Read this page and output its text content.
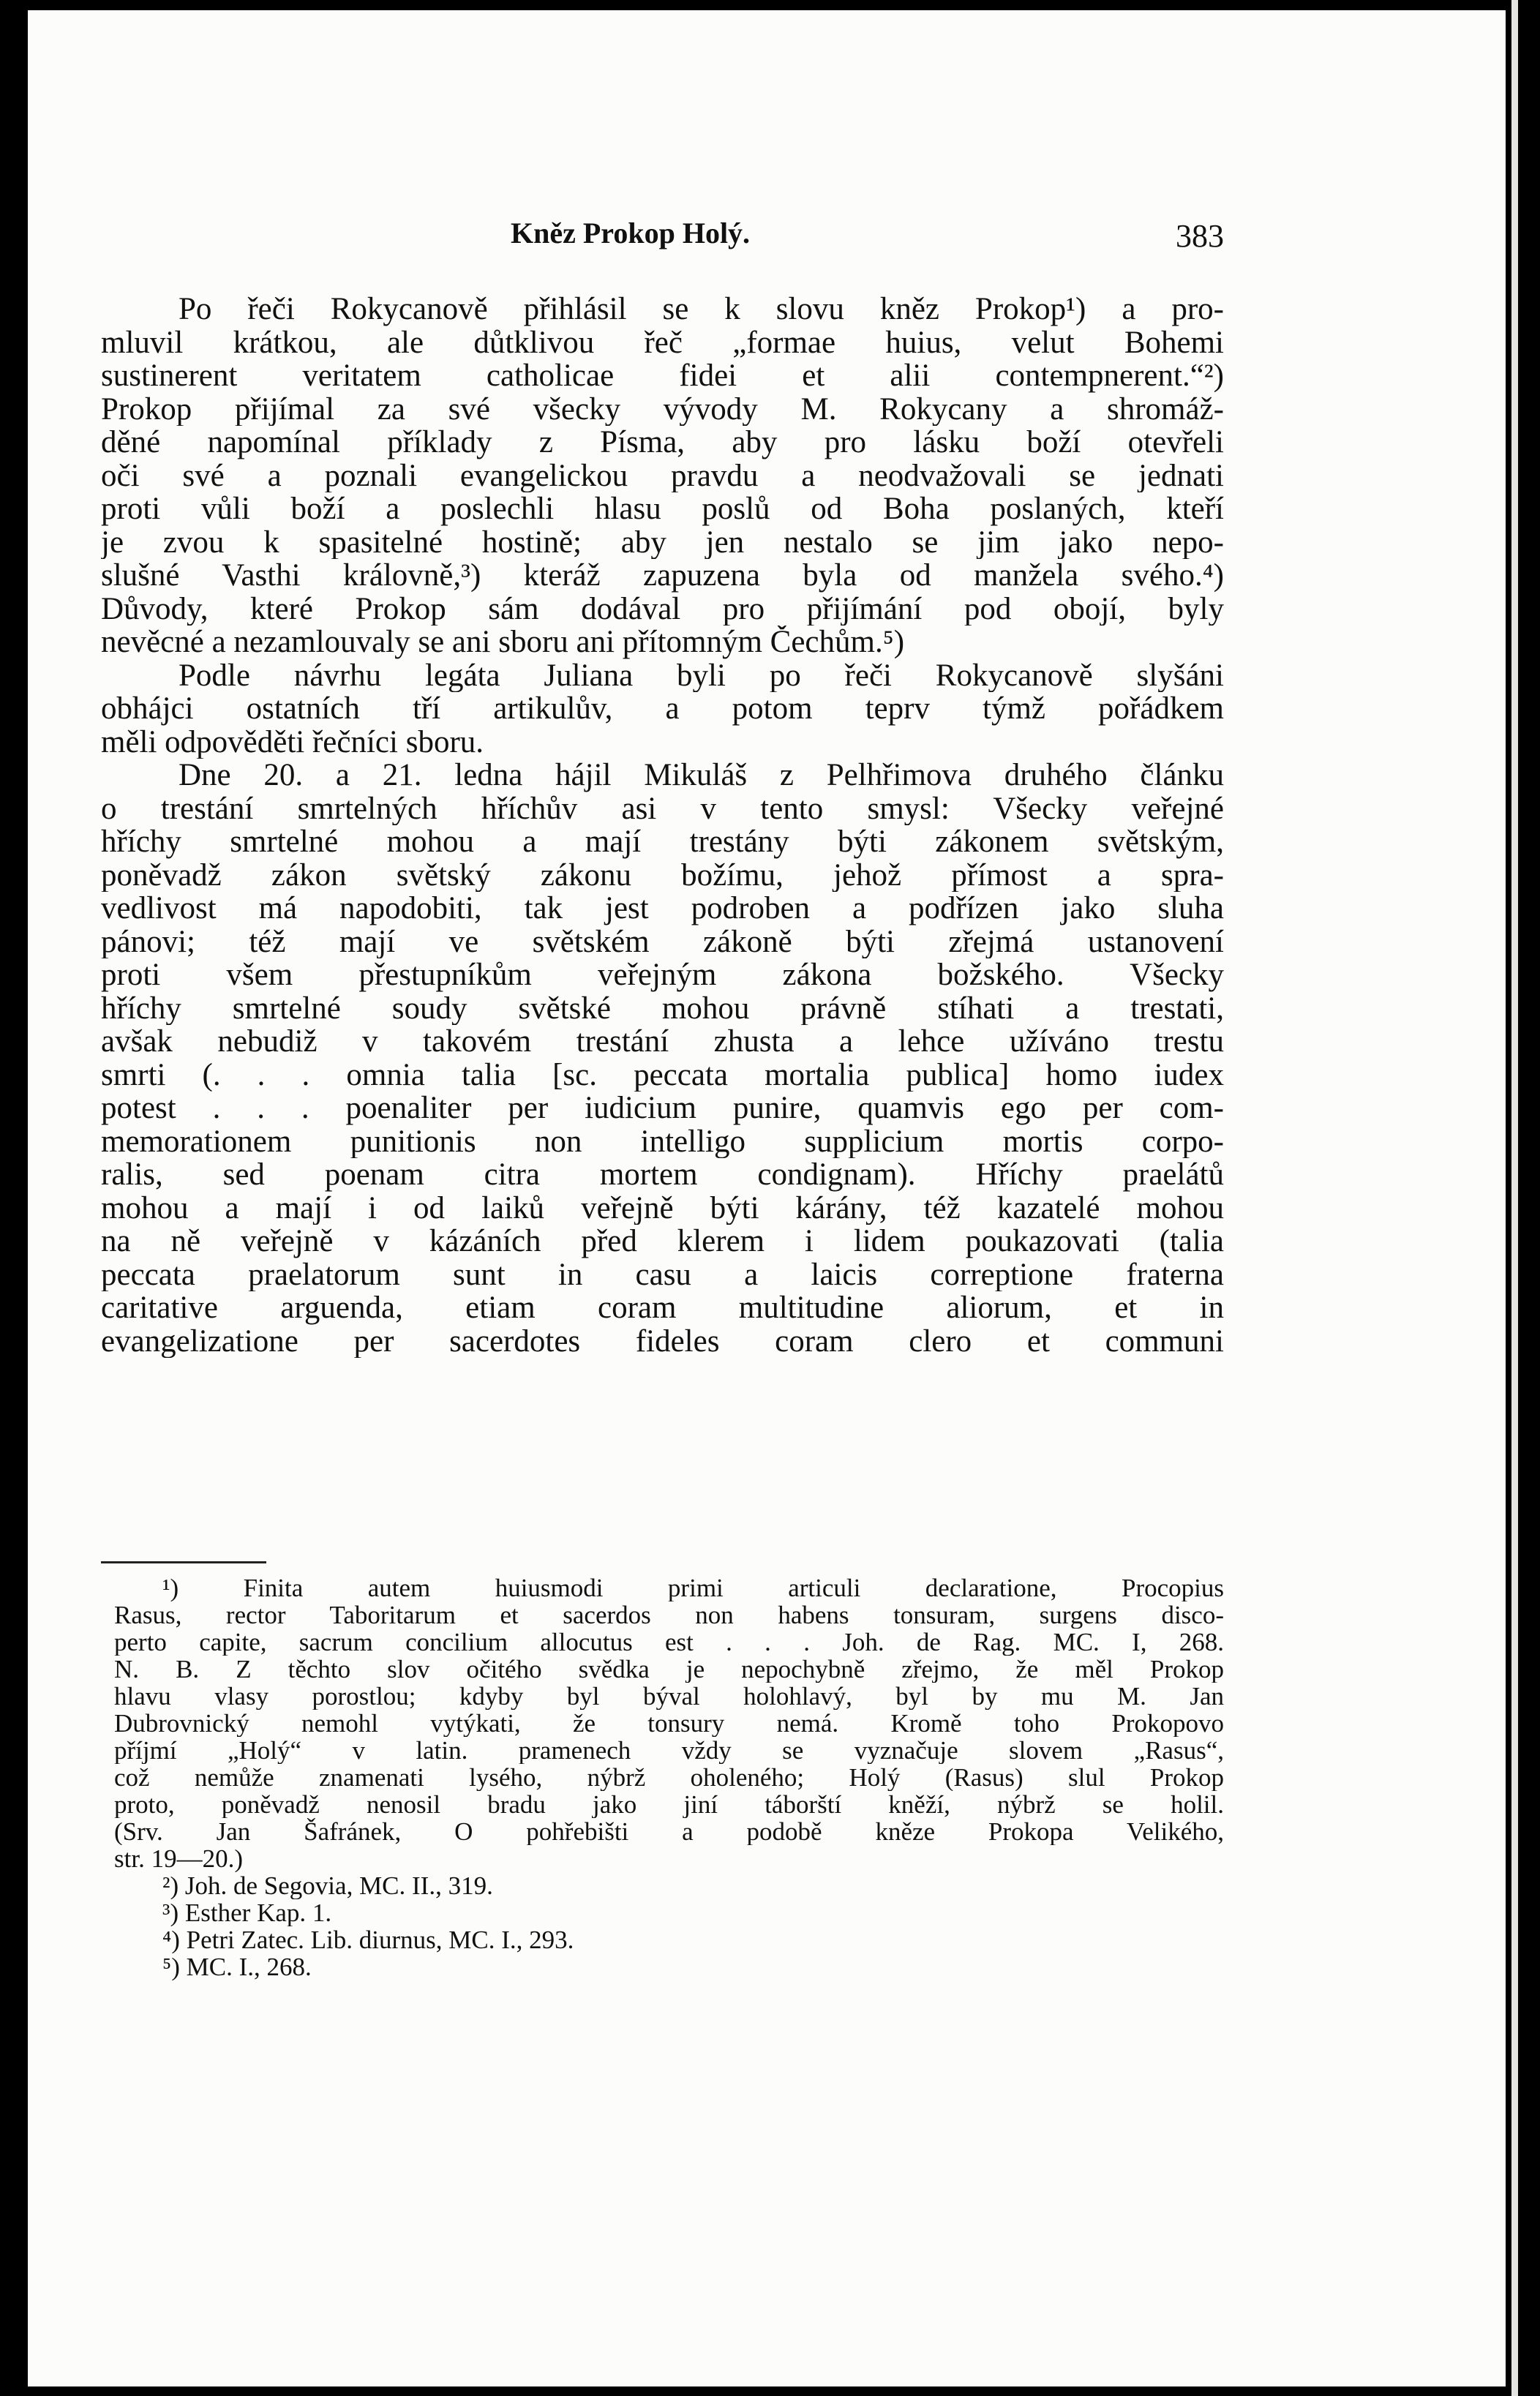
Kněz Prokop Holý.	383
Po řeči Rokycanově přihlásil se k slovu kněz Prokop¹) a pro-
mluvil krátkou, ale důtklivou řeč „formae huius, velut Bohemi
sustinerent veritatem catholicae fidei et alii contempnerent.“²)
Prokop přijímal za své všecky vývody M. Rokycany a shromáž-
děné napomínal příklady z Písma, aby pro lásku boží otevřeli
oči své a poznali evangelickou pravdu a neodvažovali se jednati
proti vůli boží a poslechli hlasu poslů od Boha poslaných, kteří
je zvou k spasitelné hostině; aby jen nestalo se jim jako nepo-
slušné Vasthi královně,³) kteráž zapuzena byla od manžela svého.⁴)
Důvody, které Prokop sám dodával pro přijímání pod obojí, byly
nevěcné a nezamlouvaly se ani sboru ani přítomným Čechům.⁵)
Podle návrhu legáta Juliana byli po řeči Rokycanově slyšáni
obhájci ostatních tří artikulův, a potom teprv týmž pořádkem
měli odpověděti řečníci sboru.
Dne 20. a 21. ledna hájil Mikuláš z Pelhřimova druhého článku
o trestání smrtelných hříchův asi v tento smysl: Všecky veřejné
hříchy smrtelné mohou a mají trestány býti zákonem světským,
poněvadž zákon světský zákonu božímu, jehož přímost a spra-
vedlivost má napodobiti, tak jest podroben a podřízen jako sluha
pánovi; též mají ve světském zákoně býti zřejmá ustanovení
proti všem přestupníkům veřejným zákona božského. Všecky
hříchy smrtelné soudy světské mohou právně stíhati a trestati,
avšak nebudiž v takovém trestání zhusta a lehce užíváno trestu
smrti (. . . omnia talia [sc. peccata mortalia publica] homo iudex
potest . . . poenaliter per iudicium punire, quamvis ego per com-
memorationem punitionis non intelligo supplicium mortis corpo-
ralis, sed poenam citra mortem condignam). Hříchy praelátů
mohou a mají i od laiků veřejně býti kárány, též kazatelé mohou
na ně veřejně v kázáních před klerem i lidem poukazovati (talia
peccata praelatorum sunt in casu a laicis correptione fraterna
caritative arguenda, etiam coram multitudine aliorum, et in
evangelizatione per sacerdotes fideles coram clero et communi
¹) Finita autem huiusmodi primi articuli declaratione, Procopius
Rasus, rector Taboritarum et sacerdos non habens tonsuram, surgens disco-
perto capite, sacrum concilium allocutus est . . . Joh. de Rag. MC. I, 268.
N. B. Z těchto slov očitého svědka je nepochybně zřejmo, že měl Prokop
hlavu vlasy porostlou; kdyby byl býval holohlavý, byl by mu M. Jan
Dubrovnický nemohl vytýkati, že tonsury nemá. Kromě toho Prokopovo
příjmí „Holý“ v latin. pramenech vždy se vyznačuje slovem „Rasus“,
což nemůže znamenati lysého, nýbrž oholeného; Holý (Rasus) slul Prokop
proto, poněvadž nenosil bradu jako jiní táborští kněží, nýbrž se holil.
(Srv. Jan Šafránek, O pohřebišti a podobě kněze Prokopa Velikého,
str. 19—20.)
²) Joh. de Segovia, MC. II., 319.
³) Esther Kap. 1.
⁴) Petri Zatec. Lib. diurnus, MC. I., 293.
⁵) MC. I., 268.
